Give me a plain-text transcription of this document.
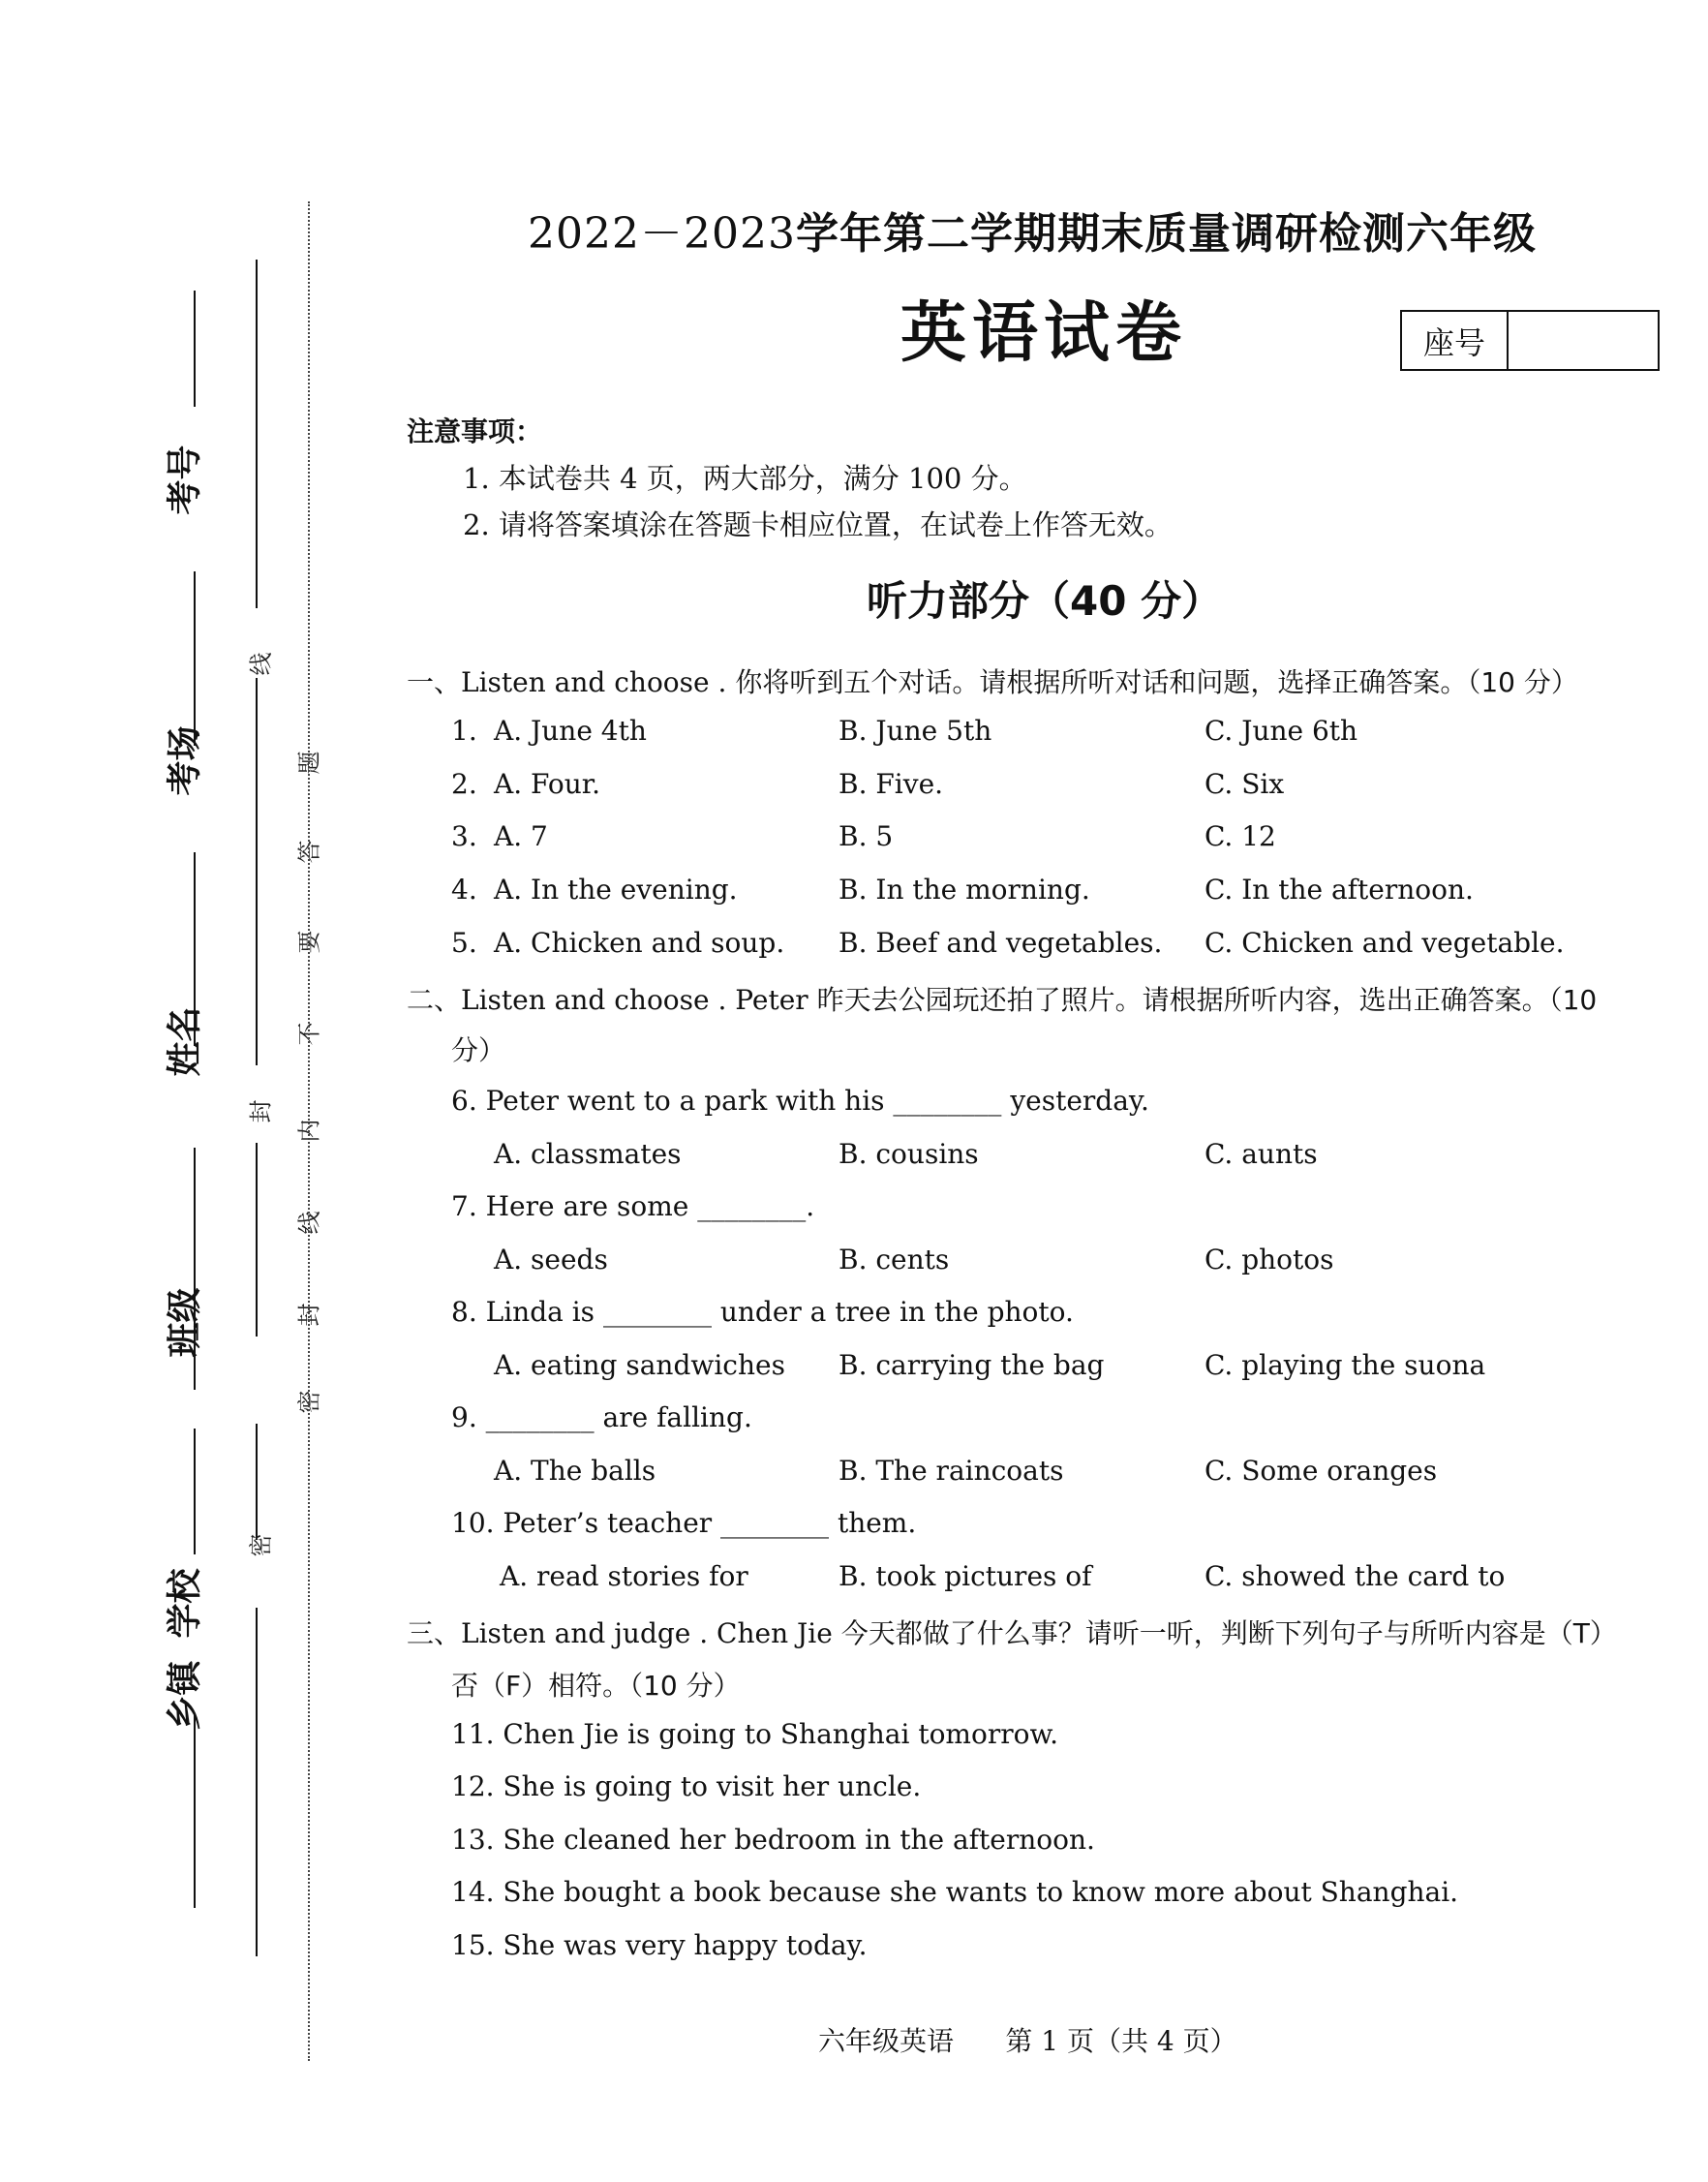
考号
考场
姓名
班级
学校
乡镇
线
题
答
要
不
封
内
线
封
密
密
2022－2023学年第二学期期末质量调研检测六年级
英语试卷	座号
注意事项：
1. 本试卷共 4 页，两大部分，满分 100 分。
2. 请将答案填涂在答题卡相应位置，在试卷上作答无效。
听力部分（40 分）
一、Listen and choose . 你将听到五个对话。请根据所听对话和问题，选择正确答案。（10 分）
1. A. June 4th	B. June 5th	C. June 6th
2. A. Four.	B. Five.	C. Six
3. A. 7	B. 5	C. 12
4. A. In the evening.	B. In the morning.	C. In the afternoon.
5. A. Chicken and soup. B. Beef and vegetables. C. Chicken and vegetable.
二、Listen and choose . Peter 昨天去公园玩还拍了照片。请根据所听内容，选出正确答案。（10
分）
6. Peter went to a park with his ________ yesterday.
A. classmates	B. cousins	C. aunts
7. Here are some ________.
A. seeds	B. cents	C. photos
8. Linda is ________ under a tree in the photo.
A. eating sandwiches B. carrying the bag	C. playing the suona
9. ________ are falling.
A. The balls	B. The raincoats	C. Some oranges
10. Peter’s teacher ________ them.
A. read stories for	B. took pictures of	C. showed the card to
三、Listen and judge . Chen Jie 今天都做了什么事？请听一听，判断下列句子与所听内容是（T）
否（F）相符。（10 分）
11. Chen Jie is going to Shanghai tomorrow.
12. She is going to visit her uncle.
13. She cleaned her bedroom in the afternoon.
14. She bought a book because she wants to know more about Shanghai.
15. She was very happy today.
六年级英语      第 1 页（共 4 页）
